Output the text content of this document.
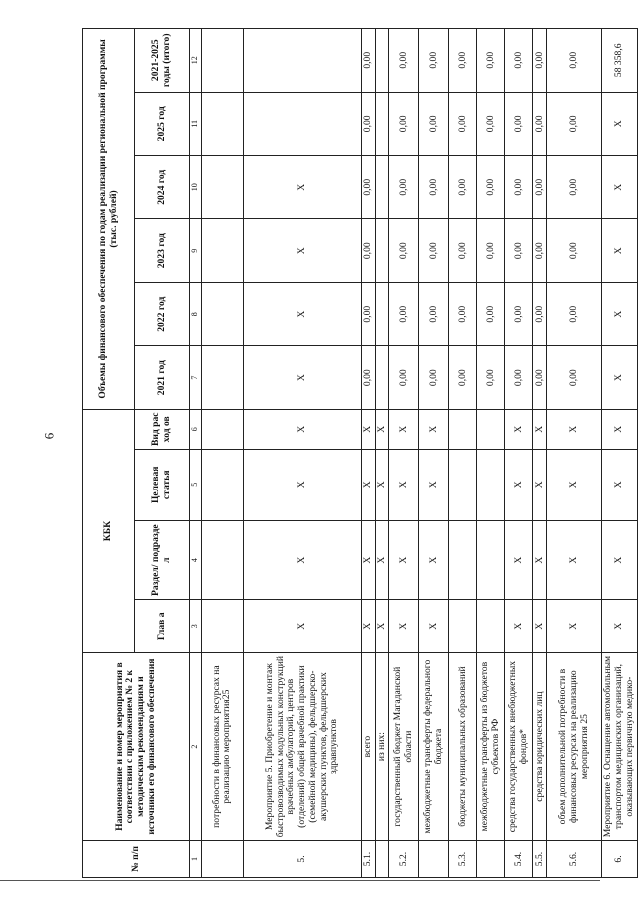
6
№ п/п	Наименование и номер мероприятия в соответствии с приложением № 2 к методическим рекомендациям и источники его финансового обеспечения	КБК				Объемы финансового обеспечения по годам реализации региональной программы (тыс. рублей)					
		Глав а	Раздел/ подразде л	Целевая статья	Вид рас ход ов	2021 год	2022 год	2023 год	2024 год	2025 год	2021-2025 годы (итого)
1	2	3	4	5	6	7	8	9	10	11	12
	потребности в финансовых ресурсах на реализацию мероприятия25										
5.	Мероприятие 5. Приобретение и монтаж быстровозводимых модульных конструкций врачебных амбулаторий, центров (отделений) общей врачебной практики (семейной медицины), фельдшерско-акушерских пунктов, фельдшерских здравпунктов	X	X	X	X	X	X	X	X		
5.1.	всего	X	X	X	X	0,00	0,00	0,00	0,00	0,00	0,00
	из них:	X	X	X	X						
5.2.	государственный бюджет Магаданской области	X	X	X	X	0,00	0,00	0,00	0,00	0,00	0,00
	межбюджетные трансферты федерального бюджета	X	X	X	X	0,00	0,00	0,00	0,00	0,00	0,00
5.3.	бюджеты муниципальных образований					0,00	0,00	0,00	0,00	0,00	0,00
	межбюджетные трансферты из бюджетов субъектов РФ					0,00	0,00	0,00	0,00	0,00	0,00
5.4.	средства государственных внебюджетных фондов*	X	X	X	X	0,00	0,00	0,00	0,00	0,00	0,00
5.5.	средства юридических лиц	X	X	X	X	0,00	0,00	0,00	0,00	0,00	0,00
5.6.	объем дополнительной потребности в финансовых ресурсах на реализацию мероприятия 25	X	X	X	X	0,00	0,00	0,00	0,00	0,00	0,00
6.	Мероприятие 6. Оснащение автомобильным транспортом медицинских организаций, оказывающих первичную медико-	X	X	X	X	X	X	X	X	X	58 358,6
